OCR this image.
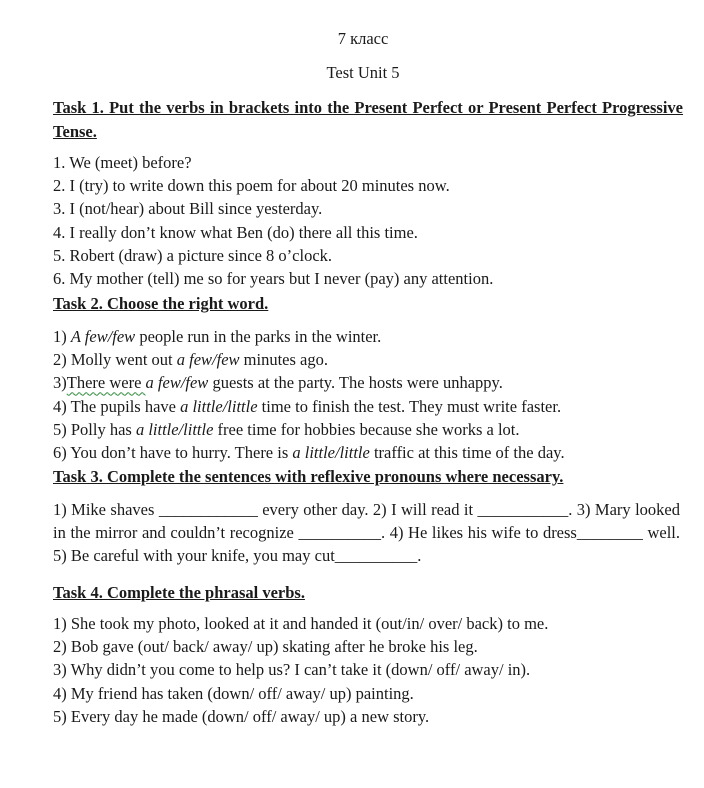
7 класс
Test Unit 5
Task 1. Put the verbs in brackets into the Present Perfect or Present Perfect Progressive Tense.
1. We (meet) before?
2. I (try) to write down this poem for about 20 minutes now.
3. I (not/hear) about Bill since yesterday.
4. I really don’t know what Ben (do) there all this time.
5. Robert (draw) a picture since 8 o’clock.
6. My mother (tell) me so for years but I never (pay) any attention.
Task 2. Choose the right word.
1) A few/few people run in the parks in the winter.
2) Molly went out a few/few minutes ago.
3)There were a few/few guests at the party. The hosts were unhappy.
4) The pupils have a little/little time to finish the test. They must write faster.
5) Polly has a little/little free time for hobbies because she works a lot.
6) You don’t have to hurry. There is a little/little traffic at this time of the day.
Task 3. Complete the sentences with reflexive pronouns where necessary.
1) Mike shaves ____________ every other day. 2) I will read it ___________. 3) Mary looked in the mirror and couldn’t recognize __________. 4) He likes his wife to dress________ well. 5) Be careful with your knife, you may cut__________.
Task 4. Complete the phrasal verbs.
1) She took my photo, looked at it and handed it (out/in/ over/ back) to me.
2) Bob gave (out/ back/ away/ up) skating after he broke his leg.
3) Why didn’t you come to help us? I can’t take it (down/ off/ away/ in).
4) My friend has taken (down/ off/ away/ up) painting.
5) Every day he made (down/ off/ away/ up) a new story.
